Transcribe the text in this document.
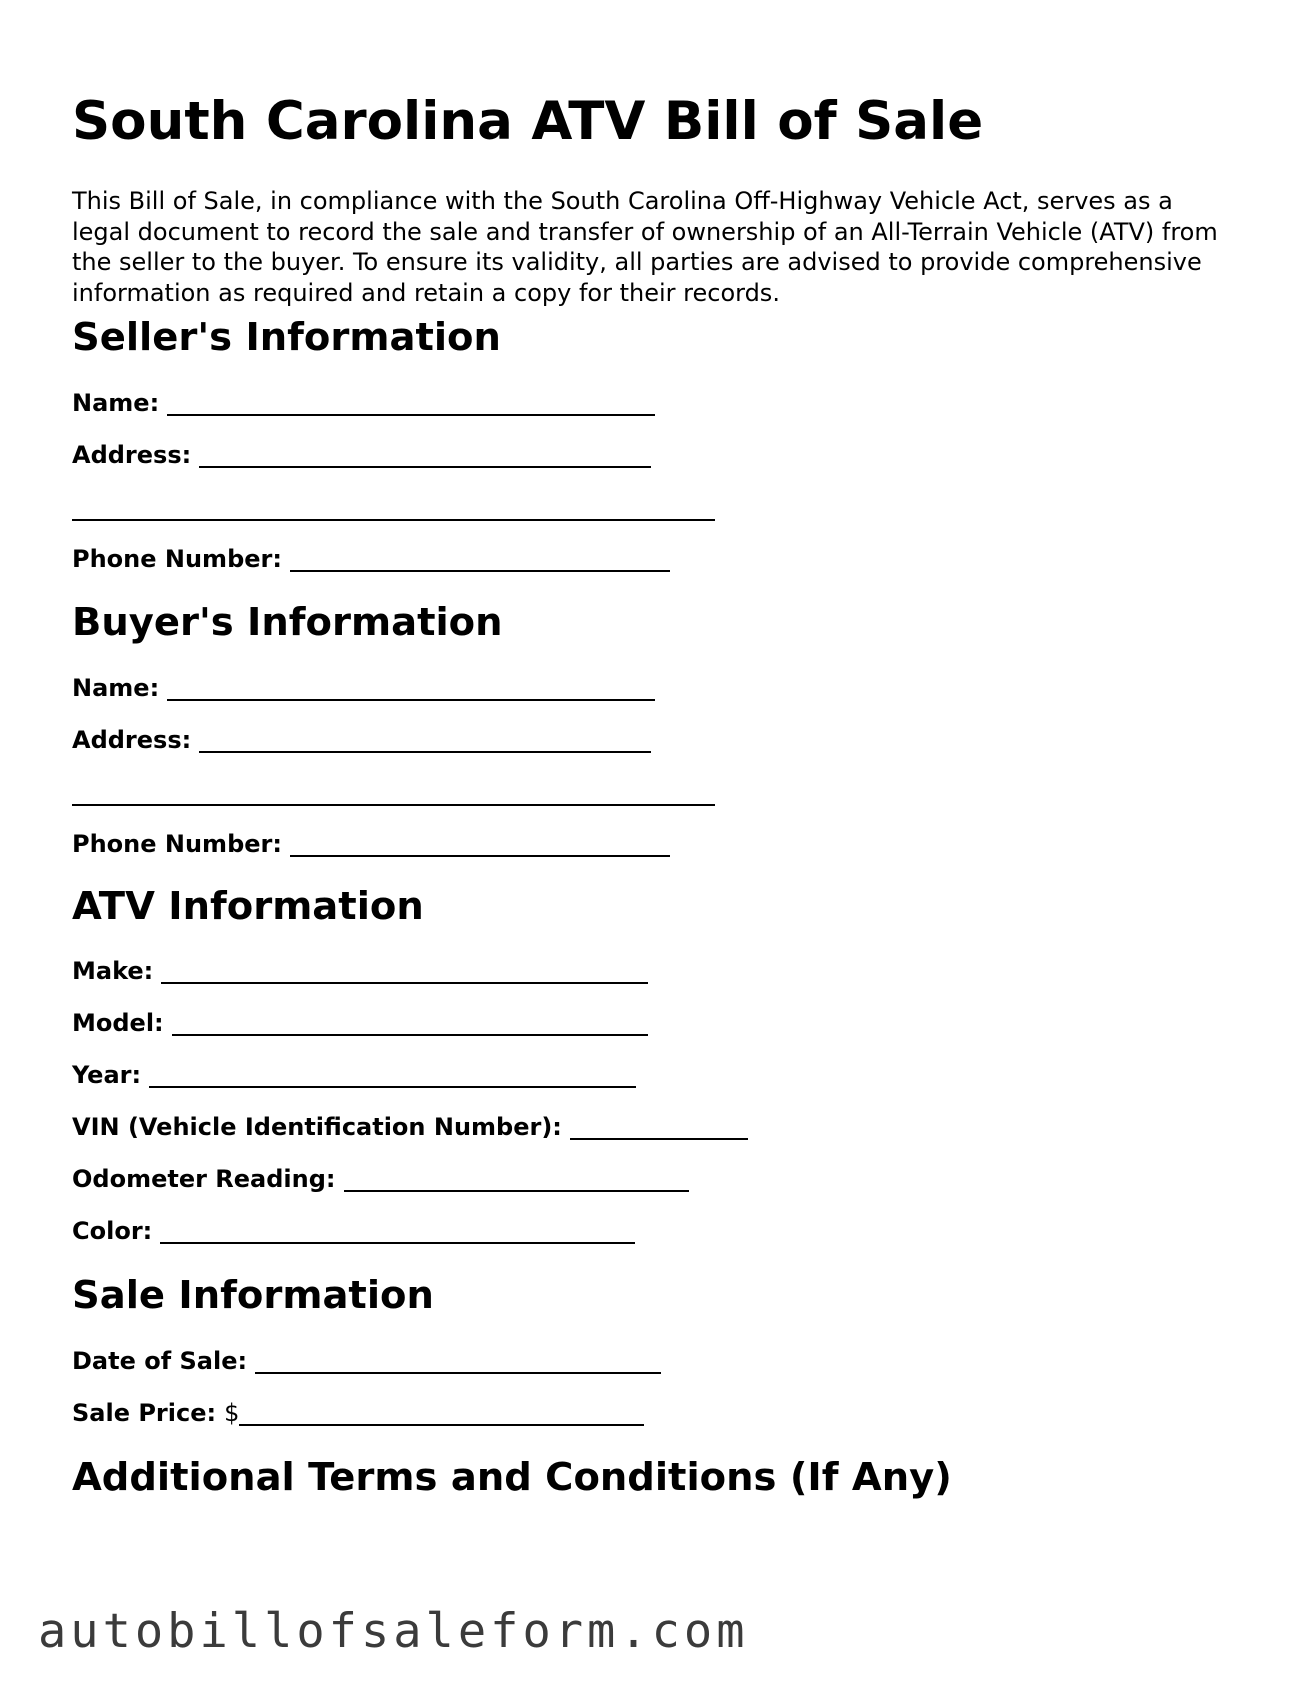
South Carolina ATV Bill of Sale

This Bill of Sale, in compliance with the South Carolina Off-Highway Vehicle Act, serves as a legal document to record the sale and transfer of ownership of an All-Terrain Vehicle (ATV) from the seller to the buyer. To ensure its validity, all parties are advised to provide comprehensive information as required and retain a copy for their records.

Seller's Information
Name:
Address:
Phone Number:
Buyer's Information
Name:
Address:
Phone Number:
ATV Information
Make:
Model:
Year:
VIN (Vehicle Identification Number):
Odometer Reading:
Color:
Sale Information
Date of Sale:
Sale Price: $
Additional Terms and Conditions (If Any)
autobillofsaleform.com
